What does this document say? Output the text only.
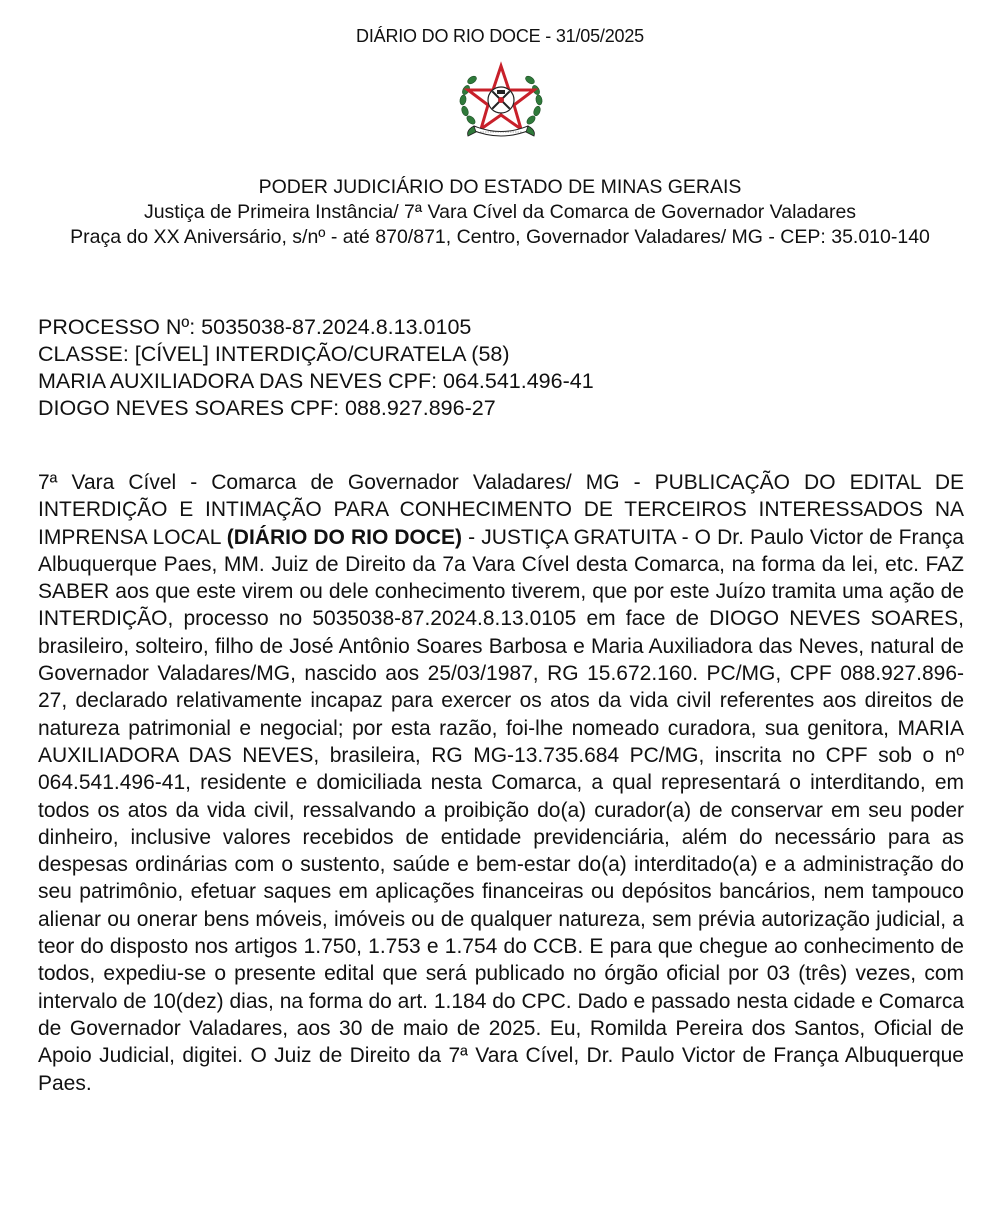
DIÁRIO DO RIO DOCE - 31/05/2025
PODER JUDICIÁRIO DO ESTADO DE MINAS GERAIS
Justiça de Primeira Instância/ 7ª Vara Cível da Comarca de Governador Valadares
Praça do XX Aniversário, s/nº - até 870/871, Centro, Governador Valadares/ MG - CEP: 35.010-140
PROCESSO Nº: 5035038-87.2024.8.13.0105
CLASSE: [CÍVEL] INTERDIÇÃO/CURATELA (58)
MARIA AUXILIADORA DAS NEVES CPF: 064.541.496-41
DIOGO NEVES SOARES CPF: 088.927.896-27
7ª Vara Cível - Comarca de Governador Valadares/ MG - PUBLICAÇÃO DO EDITAL DE INTERDIÇÃO E INTIMAÇÃO PARA CONHECIMENTO DE TERCEIROS INTERESSADOS NA IMPRENSA LOCAL (DIÁRIO DO RIO DOCE) - JUSTIÇA GRATUITA - O Dr. Paulo Victor de França Albuquerque Paes, MM. Juiz de Direito da 7a Vara Cível desta Comarca, na forma da lei, etc. FAZ SABER aos que este virem ou dele conhecimento tiverem, que por este Juízo tramita uma ação de INTERDIÇÃO, processo no 5035038-87.2024.8.13.0105 em face de DIOGO NEVES SOARES, brasileiro, solteiro, filho de José Antônio Soares Barbosa e Maria Auxiliadora das Neves, natural de Governador Valadares/MG, nascido aos 25/03/1987, RG 15.672.160. PC/MG, CPF 088.927.896-27, declarado relativamente incapaz para exercer os atos da vida civil referentes aos direitos de natureza patrimonial e negocial; por esta razão, foi-lhe nomeado curadora, sua genitora, MARIA AUXILIADORA DAS NEVES, brasileira, RG MG-13.735.684 PC/MG, inscrita no CPF sob o nº 064.541.496-41, residente e domiciliada nesta Comarca, a qual representará o interditando, em todos os atos da vida civil, ressalvando a proibição do(a) curador(a) de conservar em seu poder dinheiro, inclusive valores recebidos de entidade previdenciária, além do necessário para as despesas ordinárias com o sustento, saúde e bem-estar do(a) interditado(a) e a administração do seu patrimônio, efetuar saques em aplicações financeiras ou depósitos bancários, nem tampouco alienar ou onerar bens móveis, imóveis ou de qualquer natureza, sem prévia autorização judicial, a teor do disposto nos artigos 1.750, 1.753 e 1.754 do CCB. E para que chegue ao conhecimento de todos, expediu-se o presente edital que será publicado no órgão oficial por 03 (três) vezes, com intervalo de 10(dez) dias, na forma do art. 1.184 do CPC. Dado e passado nesta cidade e Comarca de Governador Valadares, aos 30 de maio de 2025. Eu, Romilda Pereira dos Santos, Oficial de Apoio Judicial, digitei. O Juiz de Direito da 7ª Vara Cível, Dr. Paulo Victor de França Albuquerque Paes.
